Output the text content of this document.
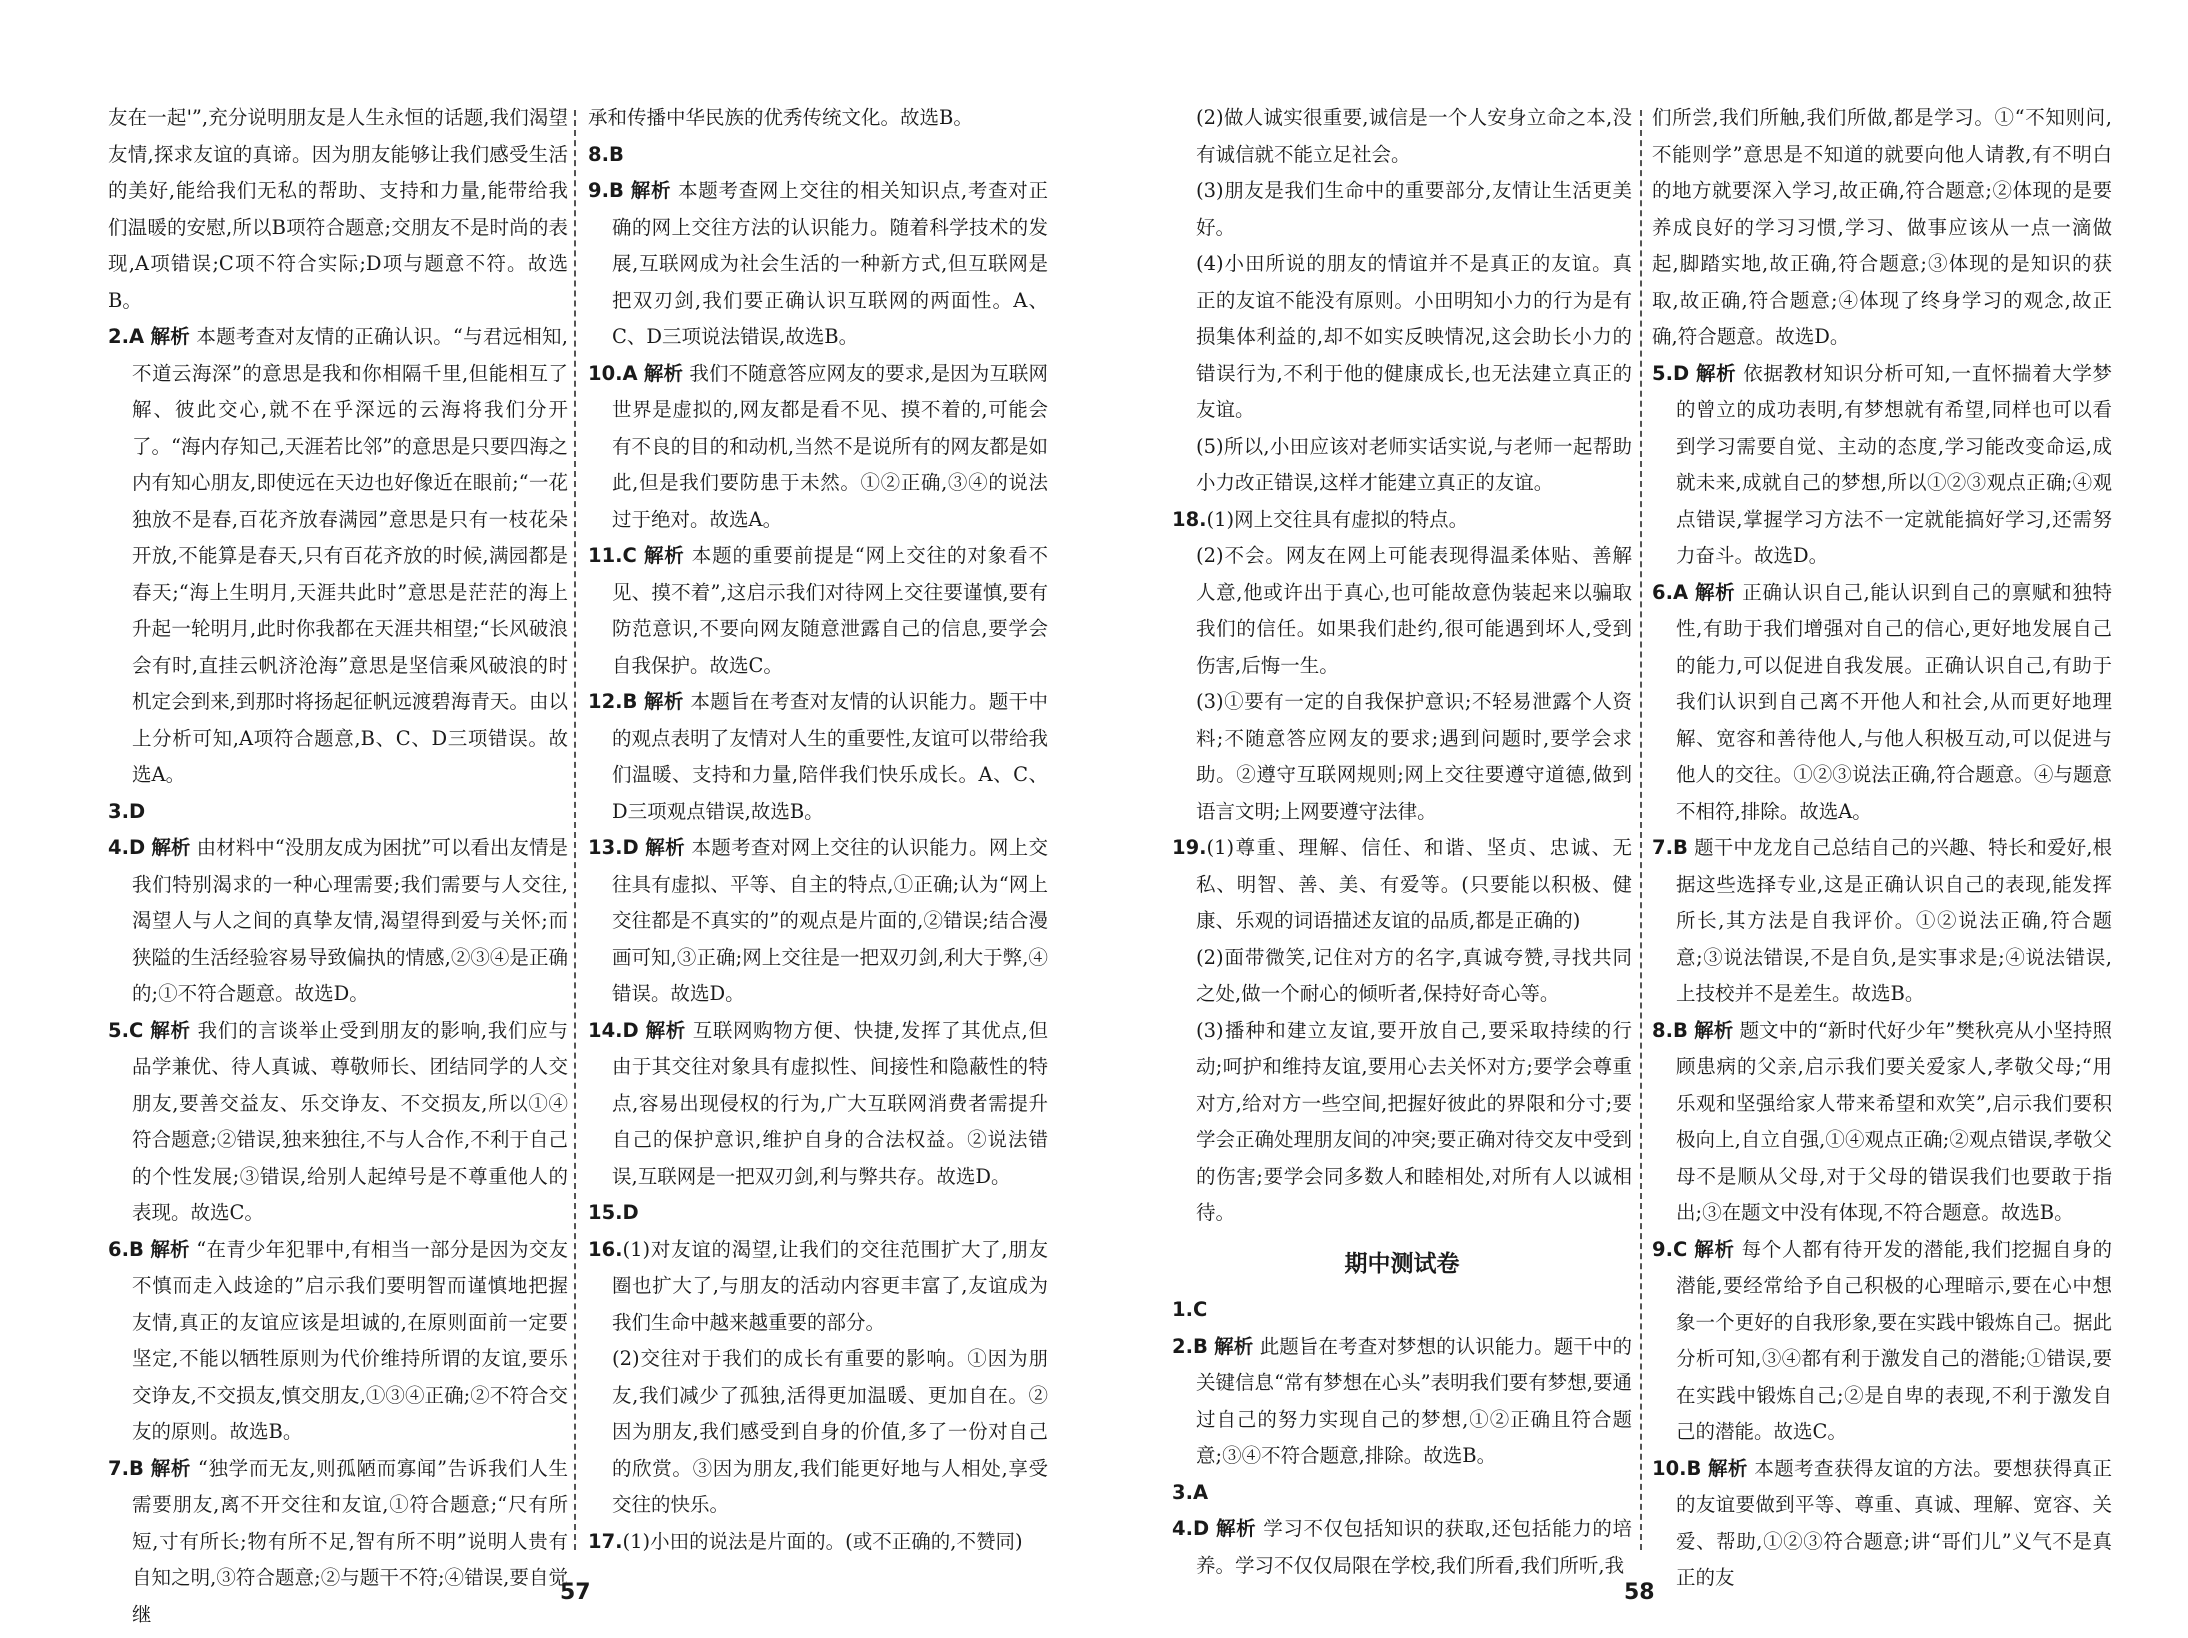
友在一起'”,充分说明朋友是人生永恒的话题,我们渴望友情,探求友谊的真谛。因为朋友能够让我们感受生活的美好,能给我们无私的帮助、支持和力量,能带给我们温暖的安慰,所以B项符合题意;交朋友不是时尚的表现,A项错误;C项不符合实际;D项与题意不符。故选B。

2.A 解析 本题考查对友情的正确认识。“与君远相知,不道云海深”的意思是我和你相隔千里,但能相互了解、彼此交心,就不在乎深远的云海将我们分开了。“海内存知己,天涯若比邻”的意思是只要四海之内有知心朋友,即使远在天边也好像近在眼前;“一花独放不是春,百花齐放春满园”意思是只有一枝花朵开放,不能算是春天,只有百花齐放的时候,满园都是春天;“海上生明月,天涯共此时”意思是茫茫的海上升起一轮明月,此时你我都在天涯共相望;“长风破浪会有时,直挂云帆济沧海”意思是坚信乘风破浪的时机定会到来,到那时将扬起征帆远渡碧海青天。由以上分析可知,A项符合题意,B、C、D三项错误。故选A。

3.D

4.D 解析 由材料中“没朋友成为困扰”可以看出友情是我们特别渴求的一种心理需要;我们需要与人交往,渴望人与人之间的真挚友情,渴望得到爱与关怀;而狭隘的生活经验容易导致偏执的情感,②③④是正确的;①不符合题意。故选D。

5.C 解析 我们的言谈举止受到朋友的影响,我们应与品学兼优、待人真诚、尊敬师长、团结同学的人交朋友,要善交益友、乐交诤友、不交损友,所以①④符合题意;②错误,独来独往,不与人合作,不利于自己的个性发展;③错误,给别人起绰号是不尊重他人的表现。故选C。

6.B 解析 “在青少年犯罪中,有相当一部分是因为交友不慎而走入歧途的”启示我们要明智而谨慎地把握友情,真正的友谊应该是坦诚的,在原则面前一定要坚定,不能以牺牲原则为代价维持所谓的友谊,要乐交诤友,不交损友,慎交朋友,①③④正确;②不符合交友的原则。故选B。

7.B 解析 “独学而无友,则孤陋而寡闻”告诉我们人生需要朋友,离不开交往和友谊,①符合题意;“尺有所短,寸有所长;物有所不足,智有所不明”说明人贵有自知之明,③符合题意;②与题干不符;④错误,要自觉继

承和传播中华民族的优秀传统文化。故选B。

8.B

9.B 解析 本题考查网上交往的相关知识点,考查对正确的网上交往方法的认识能力。随着科学技术的发展,互联网成为社会生活的一种新方式,但互联网是把双刃剑,我们要正确认识互联网的两面性。A、C、D三项说法错误,故选B。

10.A 解析 我们不随意答应网友的要求,是因为互联网世界是虚拟的,网友都是看不见、摸不着的,可能会有不良的目的和动机,当然不是说所有的网友都是如此,但是我们要防患于未然。①②正确,③④的说法过于绝对。故选A。

11.C 解析 本题的重要前提是“网上交往的对象看不见、摸不着”,这启示我们对待网上交往要谨慎,要有防范意识,不要向网友随意泄露自己的信息,要学会自我保护。故选C。

12.B 解析 本题旨在考查对友情的认识能力。题干中的观点表明了友情对人生的重要性,友谊可以带给我们温暖、支持和力量,陪伴我们快乐成长。A、C、D三项观点错误,故选B。

13.D 解析 本题考查对网上交往的认识能力。网上交往具有虚拟、平等、自主的特点,①正确;认为“网上交往都是不真实的”的观点是片面的,②错误;结合漫画可知,③正确;网上交往是一把双刃剑,利大于弊,④错误。故选D。

14.D 解析 互联网购物方便、快捷,发挥了其优点,但由于其交往对象具有虚拟性、间接性和隐蔽性的特点,容易出现侵权的行为,广大互联网消费者需提升自己的保护意识,维护自身的合法权益。②说法错误,互联网是一把双刃剑,利与弊共存。故选D。

15.D

16.(1)对友谊的渴望,让我们的交往范围扩大了,朋友圈也扩大了,与朋友的活动内容更丰富了,友谊成为我们生命中越来越重要的部分。

(2)交往对于我们的成长有重要的影响。①因为朋友,我们减少了孤独,活得更加温暖、更加自在。②因为朋友,我们感受到自身的价值,多了一份对自己的欣赏。③因为朋友,我们能更好地与人相处,享受交往的快乐。

17.(1)小田的说法是片面的。(或不正确的,不赞同)

(2)做人诚实很重要,诚信是一个人安身立命之本,没有诚信就不能立足社会。

(3)朋友是我们生命中的重要部分,友情让生活更美好。

(4)小田所说的朋友的情谊并不是真正的友谊。真正的友谊不能没有原则。小田明知小力的行为是有损集体利益的,却不如实反映情况,这会助长小力的错误行为,不利于他的健康成长,也无法建立真正的友谊。

(5)所以,小田应该对老师实话实说,与老师一起帮助小力改正错误,这样才能建立真正的友谊。

18.(1)网上交往具有虚拟的特点。

(2)不会。网友在网上可能表现得温柔体贴、善解人意,他或许出于真心,也可能故意伪装起来以骗取我们的信任。如果我们赴约,很可能遇到坏人,受到伤害,后悔一生。

(3)①要有一定的自我保护意识;不轻易泄露个人资料;不随意答应网友的要求;遇到问题时,要学会求助。②遵守互联网规则;网上交往要遵守道德,做到语言文明;上网要遵守法律。

19.(1)尊重、理解、信任、和谐、坚贞、忠诚、无私、明智、善、美、有爱等。(只要能以积极、健康、乐观的词语描述友谊的品质,都是正确的)

(2)面带微笑,记住对方的名字,真诚夸赞,寻找共同之处,做一个耐心的倾听者,保持好奇心等。

(3)播种和建立友谊,要开放自己,要采取持续的行动;呵护和维持友谊,要用心去关怀对方;要学会尊重对方,给对方一些空间,把握好彼此的界限和分寸;要学会正确处理朋友间的冲突;要正确对待交友中受到的伤害;要学会同多数人和睦相处,对所有人以诚相待。

期中测试卷

1.C

2.B 解析 此题旨在考查对梦想的认识能力。题干中的关键信息“常有梦想在心头”表明我们要有梦想,要通过自己的努力实现自己的梦想,①②正确且符合题意;③④不符合题意,排除。故选B。

3.A

4.D 解析 学习不仅包括知识的获取,还包括能力的培养。学习不仅仅局限在学校,我们所看,我们所听,我

们所尝,我们所触,我们所做,都是学习。①“不知则问,不能则学”意思是不知道的就要向他人请教,有不明白的地方就要深入学习,故正确,符合题意;②体现的是要养成良好的学习习惯,学习、做事应该从一点一滴做起,脚踏实地,故正确,符合题意;③体现的是知识的获取,故正确,符合题意;④体现了终身学习的观念,故正确,符合题意。故选D。

5.D 解析 依据教材知识分析可知,一直怀揣着大学梦的曾立的成功表明,有梦想就有希望,同样也可以看到学习需要自觉、主动的态度,学习能改变命运,成就未来,成就自己的梦想,所以①②③观点正确;④观点错误,掌握学习方法不一定就能搞好学习,还需努力奋斗。故选D。

6.A 解析 正确认识自己,能认识到自己的禀赋和独特性,有助于我们增强对自己的信心,更好地发展自己的能力,可以促进自我发展。正确认识自己,有助于我们认识到自己离不开他人和社会,从而更好地理解、宽容和善待他人,与他人积极互动,可以促进与他人的交往。①②③说法正确,符合题意。④与题意不相符,排除。故选A。

7.B 题干中龙龙自己总结自己的兴趣、特长和爱好,根据这些选择专业,这是正确认识自己的表现,能发挥所长,其方法是自我评价。①②说法正确,符合题意;③说法错误,不是自负,是实事求是;④说法错误,上技校并不是差生。故选B。

8.B 解析 题文中的“新时代好少年”樊秋亮从小坚持照顾患病的父亲,启示我们要关爱家人,孝敬父母;“用乐观和坚强给家人带来希望和欢笑”,启示我们要积极向上,自立自强,①④观点正确;②观点错误,孝敬父母不是顺从父母,对于父母的错误我们也要敢于指出;③在题文中没有体现,不符合题意。故选B。

9.C 解析 每个人都有待开发的潜能,我们挖掘自身的潜能,要经常给予自己积极的心理暗示,要在心中想象一个更好的自我形象,要在实践中锻炼自己。据此分析可知,③④都有利于激发自己的潜能;①错误,要在实践中锻炼自己;②是自卑的表现,不利于激发自己的潜能。故选C。

10.B 解析 本题考查获得友谊的方法。要想获得真正的友谊要做到平等、尊重、真诚、理解、宽容、关爱、帮助,①②③符合题意;讲“哥们儿”义气不是真正的友

57	58
